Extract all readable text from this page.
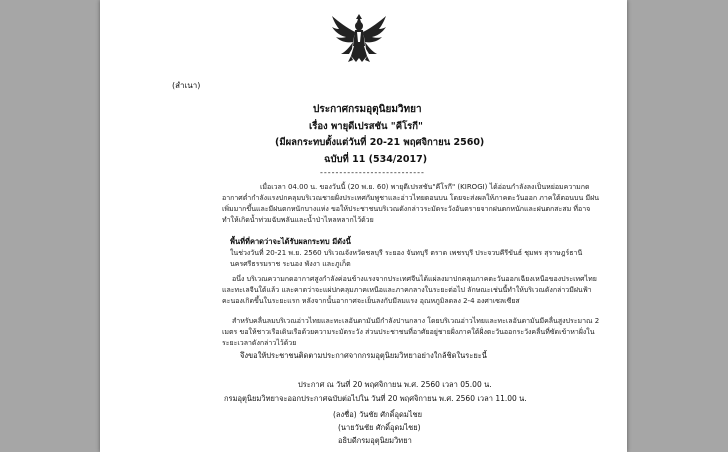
(สำเนา)
ประกาศกรมอุตุนิยมวิทยา
เรื่อง พายุดีเปรสชัน "คีโรกี"
(มีผลกระทบตั้งแต่วันที่ 20-21 พฤศจิกายน 2560)
ฉบับที่ 11 (534/2017)
---------------------------
เมื่อเวลา 04.00 น. ของวันนี้ (20 พ.ย. 60) พายุดีเปรสชัน"คีโรกี" (KIROGI) ได้อ่อนกำลังลงเป็นหย่อมความกดอากาศต่ำกำลังแรงปกคลุมบริเวณชายฝั่งประเทศกัมพูชาและอ่าวไทยตอนบน โดยจะส่งผลให้ภาคตะวันออก ภาคใต้ตอนบน มีฝนเพิ่มมากขึ้นและมีฝนตกหนักบางแห่ง ขอให้ประชาชนบริเวณดังกล่าวระมัดระวังอันตรายจากฝนตกหนักและฝนตกสะสม ที่อาจทำให้เกิดน้ำท่วมฉับพลันและน้ำป่าไหลหลากไว้ด้วย
พื้นที่ที่คาดว่าจะได้รับผลกระทบ มีดังนี้
ในช่วงวันที่ 20-21 พ.ย. 2560 บริเวณจังหวัดชลบุรี ระยอง จันทบุรี ตราด เพชรบุรี ประจวบคีรีขันธ์ ชุมพร สุราษฎร์ธานี นครศรีธรรมราช ระนอง พังงา และภูเก็ต
อนึ่ง บริเวณความกดอากาศสูงกำลังค่อนข้างแรงจากประเทศจีนได้แผ่ลงมาปกคลุมภาคตะวันออกเฉียงเหนือของประเทศไทยและทะเลจีนใต้แล้ว และคาดว่าจะแผ่ปกคลุมภาคเหนือและภาคกลางในระยะต่อไป ลักษณะเช่นนี้ทำให้บริเวณดังกล่าวมีฝนฟ้าคะนองเกิดขึ้นในระยะแรก หลังจากนั้นอากาศจะเย็นลงกับมีลมแรง อุณหภูมิลดลง 2-4 องศาเซลเซียส
สำหรับคลื่นลมบริเวณอ่าวไทยและทะเลอันดามันมีกำลังปานกลาง โดยบริเวณอ่าวไทยและทะเลอันดามันมีคลื่นสูงประมาณ 2 เมตร ขอให้ชาวเรือเดินเรือด้วยความระมัดระวัง ส่วนประชาชนที่อาศัยอยู่ชายฝั่งภาคใต้ฝั่งตะวันออกระวังคลื่นที่ซัดเข้าหาฝั่งในระยะเวลาดังกล่าวไว้ด้วย
จึงขอให้ประชาชนติดตามประกาศจากกรมอุตุนิยมวิทยาอย่างใกล้ชิดในระยะนี้
ประกาศ ณ วันที่ 20 พฤศจิกายน พ.ศ. 2560 เวลา 05.00 น.
กรมอุตุนิยมวิทยาจะออกประกาศฉบับต่อไปใน วันที่ 20 พฤศจิกายน พ.ศ. 2560 เวลา 11.00 น.
(ลงชื่อ) วันชัย ศักดิ์อุดมไชย
(นายวันชัย ศักดิ์อุดมไชย)
อธิบดีกรมอุตุนิยมวิทยา
